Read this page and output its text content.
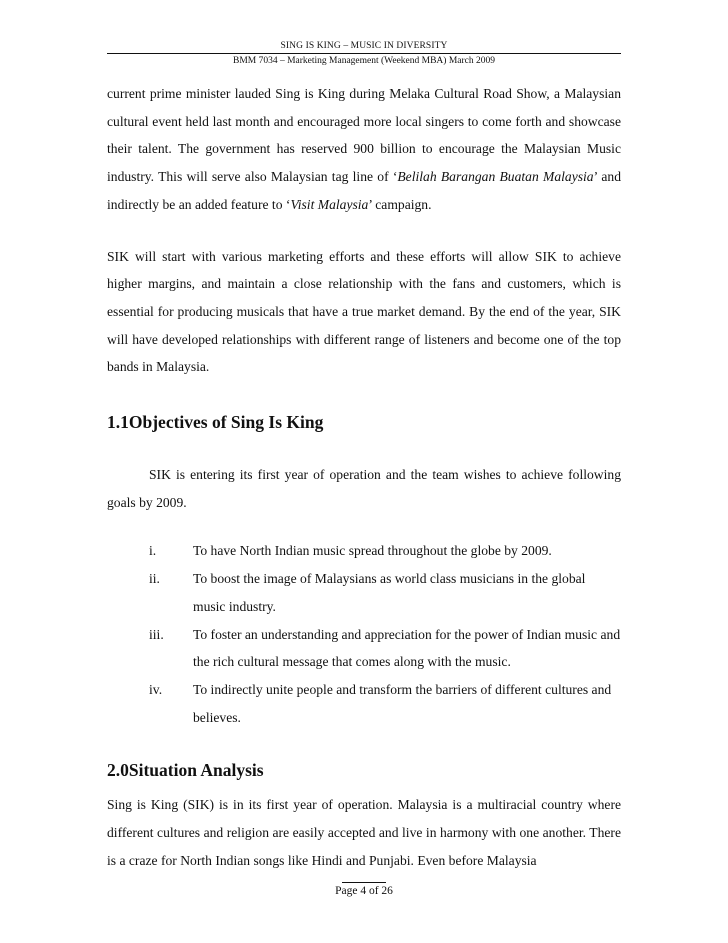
SING IS KING – MUSIC IN DIVERSITY
BMM 7034 – Marketing Management (Weekend MBA) March 2009

current prime minister lauded Sing is King during Melaka Cultural Road Show, a Malaysian cultural event held last month and encouraged more local singers to come forth and showcase their talent. The government has reserved 900 billion to encourage the Malaysian Music industry. This will serve also Malaysian tag line of ‘Belilah Barangan Buatan Malaysia’ and indirectly be an added feature to ‘Visit Malaysia’ campaign.

SIK will start with various marketing efforts and these efforts will allow SIK to achieve higher margins, and maintain a close relationship with the fans and customers, which is essential for producing musicals that have a true market demand. By the end of the year, SIK will have developed relationships with different range of listeners and become one of the top bands in Malaysia.

1.1Objectives of Sing Is King

SIK is entering its first year of operation and the team wishes to achieve following goals by 2009.

i.	To have North Indian music spread throughout the globe by 2009.
ii.	To boost the image of Malaysians as world class musicians in the global music industry.
iii.	To foster an understanding and appreciation for the power of Indian music and the rich cultural message that comes along with the music.
iv.	To indirectly unite people and transform the barriers of different cultures and believes.
2.0Situation Analysis

Sing is King (SIK) is in its first year of operation. Malaysia is a multiracial country where different cultures and religion are easily accepted and live in harmony with one another. There is a craze for North Indian songs like Hindi and Punjabi. Even before Malaysia

Page 4 of 26
